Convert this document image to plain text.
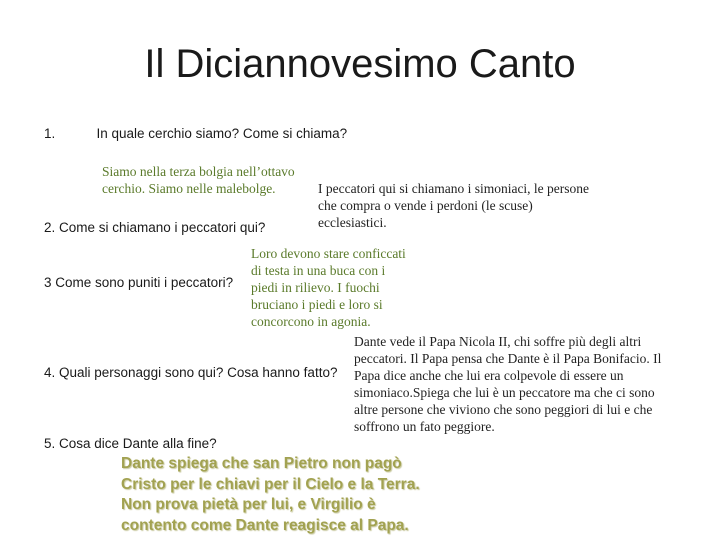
Il Diciannovesimo Canto
1.           In quale cerchio siamo? Come si chiama?
Siamo nella terza bolgia nell’ottavo cerchio. Siamo nelle malebolge.
2. Come si chiamano i peccatori qui?
I peccatori qui si chiamano i simoniaci, le persone che compra o vende i perdoni (le scuse) ecclesiastici.
3 Come sono puniti i peccatori?
Loro devono stare conficcati di testa in una buca con i piedi in rilievo. I fuochi bruciano i piedi e loro si concorcono in agonia.
4. Quali personaggi sono qui? Cosa hanno fatto?
Dante vede il Papa Nicola II, chi soffre più degli altri peccatori. Il Papa pensa che Dante è il Papa Bonifacio. Il Papa dice anche che lui era colpevole di essere un simoniaco.Spiega che lui è un peccatore ma che ci sono altre persone che viviono che sono peggiori di lui e che soffrono un fato peggiore.
5. Cosa dice Dante alla fine?
Dante spiega che san Pietro non pagò Cristo per le chiavi per il Cielo e la Terra. Non prova pietà per lui, e Virgilio è contento come Dante reagisce al Papa.
